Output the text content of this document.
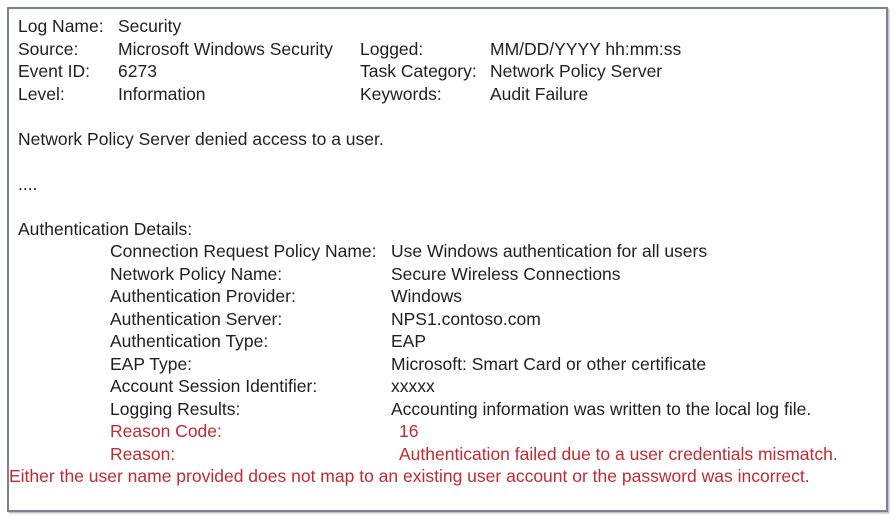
Log Name: Security
Source:	Microsoft Windows Security	Logged:	MM/DD/YYYY hh:mm:ss
Event ID:	6273	Task Category: Network Policy Server
Level:	Information	Keywords:	Audit Failure
Network Policy Server denied access to a user.
....
Authentication Details:
Connection Request Policy Name: Use Windows authentication for all users
Network Policy Name:	Secure Wireless Connections
Authentication Provider:	Windows
Authentication Server:	NPS1.contoso.com
Authentication Type:	EAP
EAP Type:	Microsoft: Smart Card or other certificate
Account Session Identifier:	xxxxx
Logging Results:	Accounting information was written to the local log file.
Reason Code:	16
Reason:	Authentication failed due to a user credentials mismatch.
Either the user name provided does not map to an existing user account or the password was incorrect.
